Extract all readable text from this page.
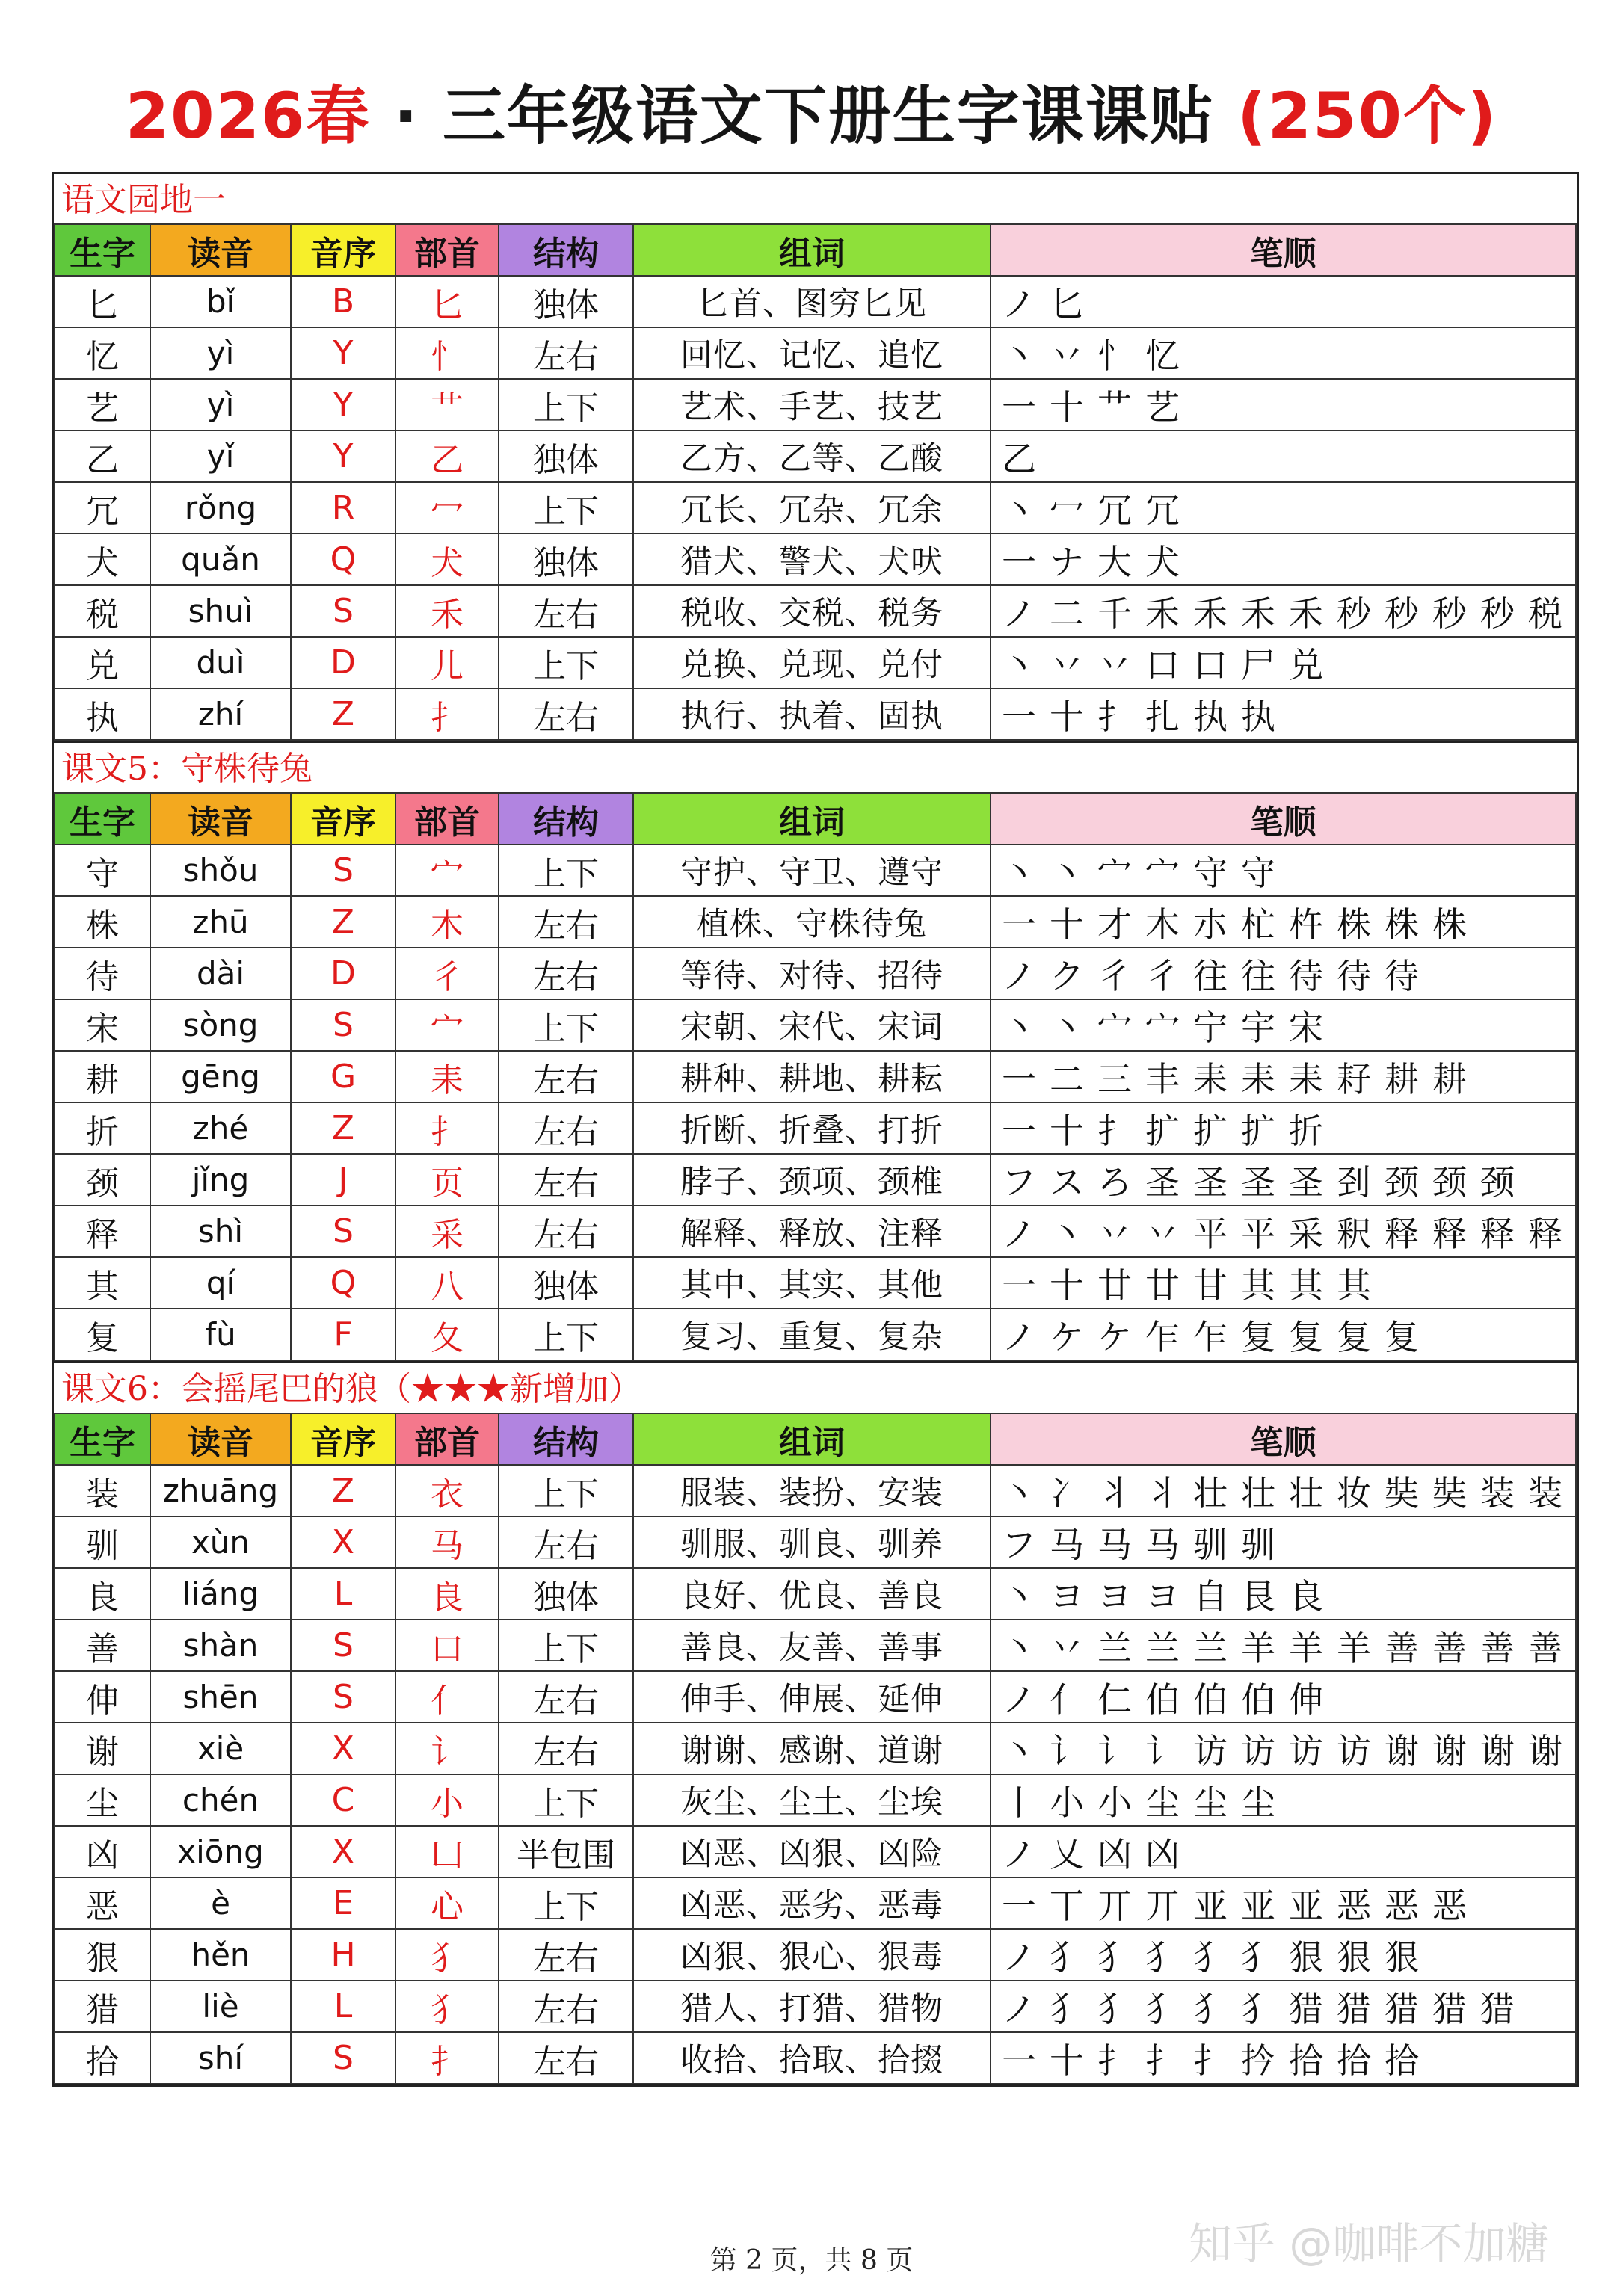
2026春 · 三年级语文下册生字课课贴 (250个)
语文园地一
生字	读音	音序	部首	结构	组词	笔顺
匕	bǐ	B	匕	独体	匕首、图穷匕见	ノ 匕
忆	yì	Y	忄	左右	回忆、记忆、追忆	丶 丷 忄 忆
艺	yì	Y	艹	上下	艺术、手艺、技艺	一 十 艹 艺
乙	yǐ	Y	乙	独体	乙方、乙等、乙酸	乙
冗	rǒng	R	冖	上下	冗长、冗杂、冗余	丶 冖 冗 冗
犬	quǎn	Q	犬	独体	猎犬、警犬、犬吠	一 ナ 大 犬
税	shuì	S	禾	左右	税收、交税、税务	ノ 二 千 禾 禾 禾 禾 秒 秒 秒 秒 税
兑	duì	D	儿	上下	兑换、兑现、兑付	丶 丷 丷 口 口 尸 兑
执	zhí	Z	扌	左右	执行、执着、固执	一 十 扌 扎 执 执
课文5：守株待兔
生字	读音	音序	部首	结构	组词	笔顺
守	shǒu	S	宀	上下	守护、守卫、遵守	丶 丶 宀 宀 守 守
株	zhū	Z	木	左右	植株、守株待兔	一 十 才 木 朩 杧 杵 株 株 株
待	dài	D	彳	左右	等待、对待、招待	ノ ク 彳 彳 往 往 待 待 待
宋	sòng	S	宀	上下	宋朝、宋代、宋词	丶 丶 宀 宀 宁 宇 宋
耕	gēng	G	耒	左右	耕种、耕地、耕耘	一 二 三 丰 耒 耒 耒 耔 耕 耕
折	zhé	Z	扌	左右	折断、折叠、打折	一 十 扌 扩 扩 扩 折
颈	jǐng	J	页	左右	脖子、颈项、颈椎	フ ス ろ 圣 圣 圣 圣 刭 颈 颈 颈
释	shì	S	采	左右	解释、释放、注释	ノ 丶 丷 丷 平 平 采 釈 释 释 释 释
其	qí	Q	八	独体	其中、其实、其他	一 十 廿 廿 甘 其 其 其
复	fù	F	夂	上下	复习、重复、复杂	ノ ケ ケ 乍 乍 复 复 复 复
课文6：会摇尾巴的狼（★★★新增加）
生字	读音	音序	部首	结构	组词	笔顺
装	zhuāng	Z	衣	上下	服装、装扮、安装	丶 冫 丬 丬 壮 壮 壮 妆 奘 奘 装 装
驯	xùn	X	马	左右	驯服、驯良、驯养	フ 马 马 马 驯 驯
良	liáng	L	良	独体	良好、优良、善良	丶 ヨ ヨ ヨ 自 艮 良
善	shàn	S	口	上下	善良、友善、善事	丶 丷 兰 兰 兰 羊 羊 羊 善 善 善 善
伸	shēn	S	亻	左右	伸手、伸展、延伸	ノ 亻 仁 伯 伯 伯 伸
谢	xiè	X	讠	左右	谢谢、感谢、道谢	丶 讠 讠 讠 访 访 访 访 谢 谢 谢 谢
尘	chén	C	小	上下	灰尘、尘土、尘埃	丨 小 小 尘 尘 尘
凶	xiōng	X	凵	半包围	凶恶、凶狠、凶险	ノ 乂 凶 凶
恶	è	E	心	上下	凶恶、恶劣、恶毒	一 丅 丌 丌 亚 亚 亚 恶 恶 恶
狠	hěn	H	犭	左右	凶狠、狠心、狠毒	ノ 犭 犭 犭 犭 犭 狠 狠 狠
猎	liè	L	犭	左右	猎人、打猎、猎物	ノ 犭 犭 犭 犭 犭 猎 猎 猎 猎 猎
拾	shí	S	扌	左右	收拾、拾取、拾掇	一 十 扌 扌 扌 扲 拾 拾 拾
第 2 页，共 8 页	知乎 @咖啡不加糖
